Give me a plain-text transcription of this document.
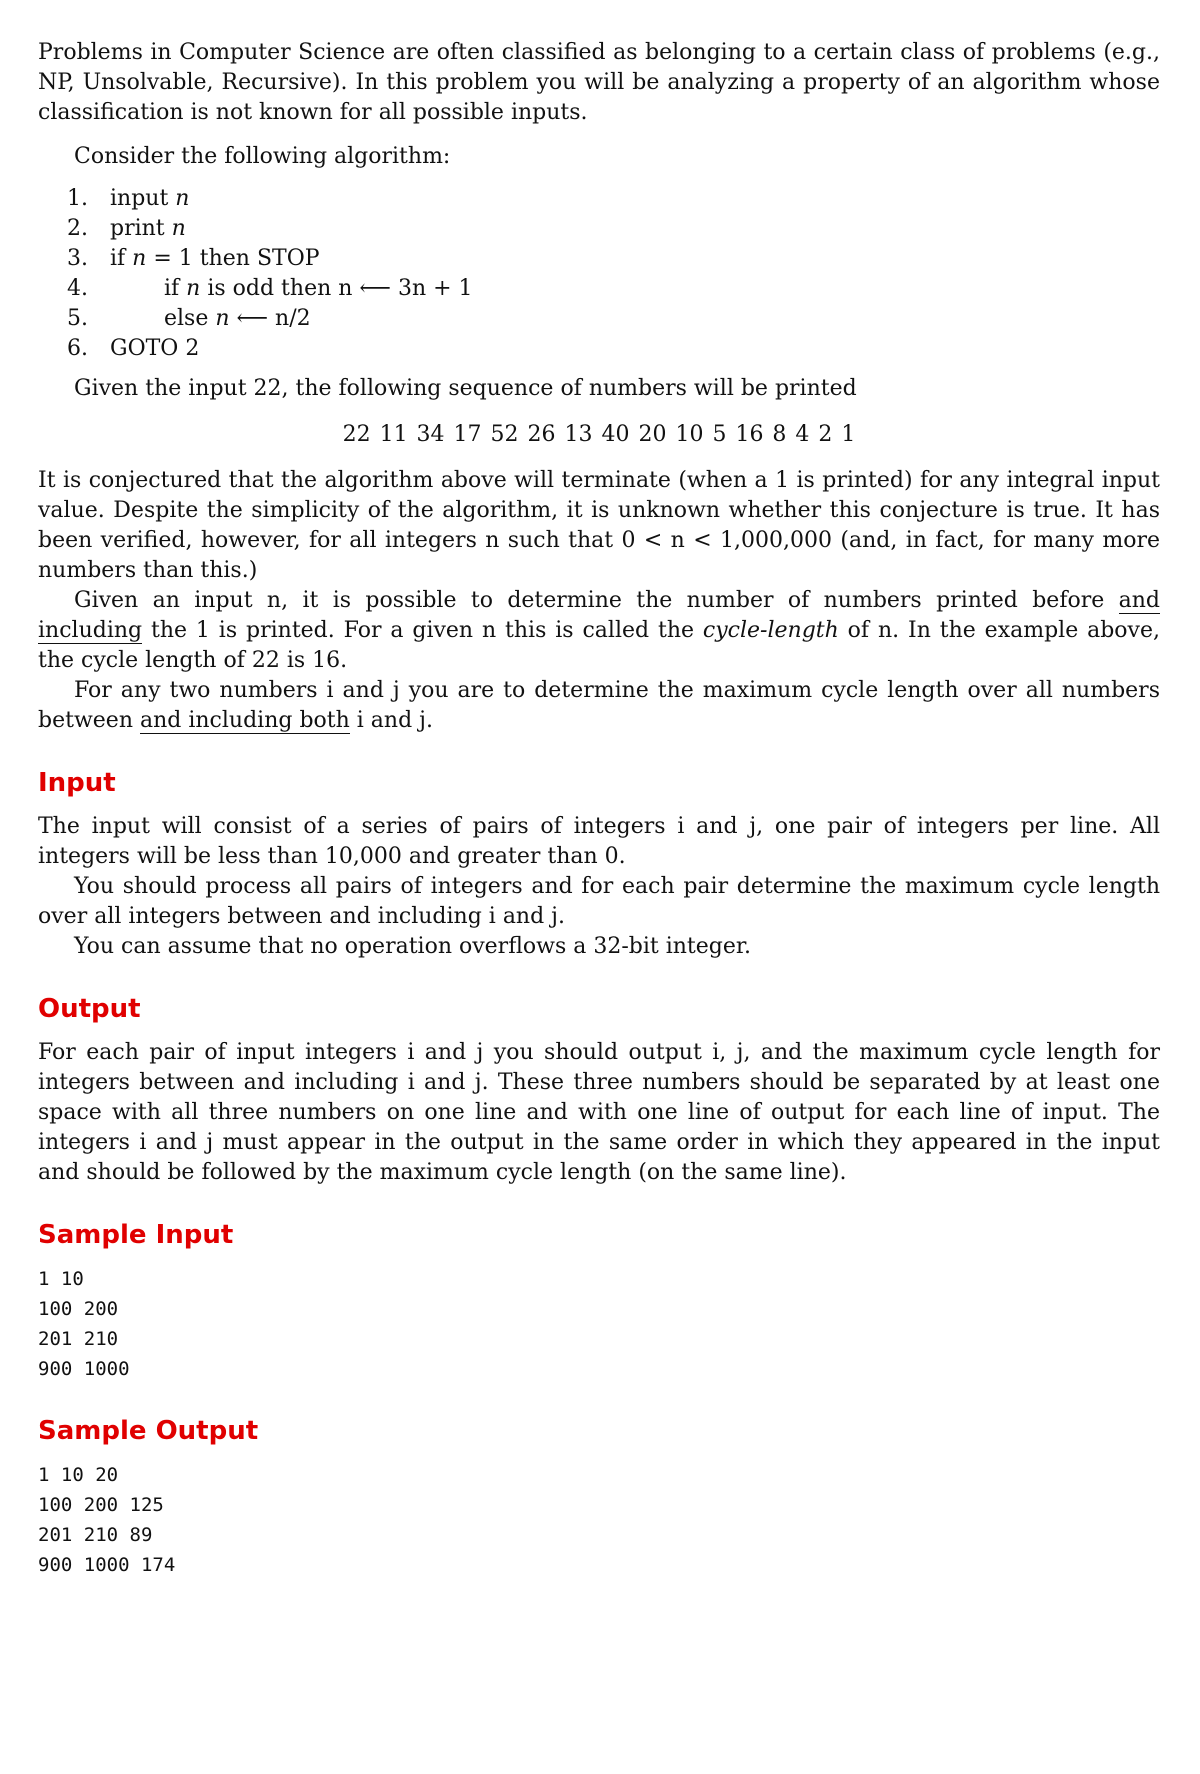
Problems in Computer Science are often classified as belonging to a certain class of problems (e.g., NP, Unsolvable, Recursive). In this problem you will be analyzing a property of an algorithm whose classification is not known for all possible inputs.

Consider the following algorithm:

1.	input n
2.	print n
3.	if n = 1 then STOP
4.	if n is odd then n ⟵ 3n + 1
5.	else n ⟵ n/2
6.	GOTO 2

Given the input 22, the following sequence of numbers will be printed

22 11 34 17 52 26 13 40 20 10 5 16 8 4 2 1

It is conjectured that the algorithm above will terminate (when a 1 is printed) for any integral input value. Despite the simplicity of the algorithm, it is unknown whether this conjecture is true. It has been verified, however, for all integers n such that 0 < n < 1,000,000 (and, in fact, for many more numbers than this.)

Given an input n, it is possible to determine the number of numbers printed before and including the 1 is printed. For a given n this is called the cycle-length of n. In the example above, the cycle length of 22 is 16.

For any two numbers i and j you are to determine the maximum cycle length over all numbers between and including both i and j.

Input

The input will consist of a series of pairs of integers i and j, one pair of integers per line. All integers will be less than 10,000 and greater than 0.

You should process all pairs of integers and for each pair determine the maximum cycle length over all integers between and including i and j.

You can assume that no operation overflows a 32-bit integer.

Output

For each pair of input integers i and j you should output i, j, and the maximum cycle length for integers between and including i and j. These three numbers should be separated by at least one space with all three numbers on one line and with one line of output for each line of input. The integers i and j must appear in the output in the same order in which they appeared in the input and should be followed by the maximum cycle length (on the same line).

Sample Input
1 10
100 200
201 210
900 1000
Sample Output
1 10 20
100 200 125
201 210 89
900 1000 174
